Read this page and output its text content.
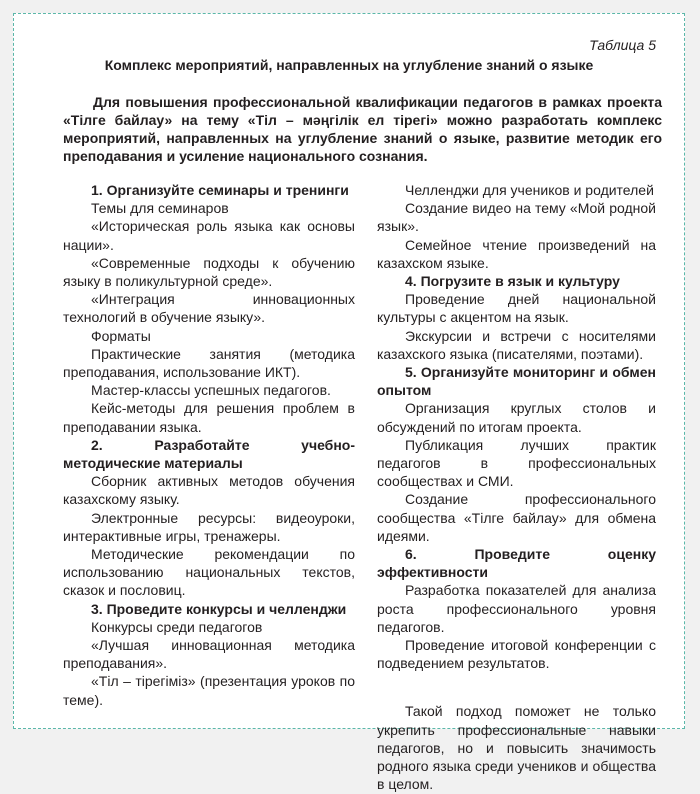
Таблица 5
Комплекс мероприятий, направленных на углубление знаний о языке
Для повышения профессиональной квалификации педагогов в рамках проекта «Тілге байлау» на тему «Тіл – мәңгілік ел тірегі» можно разработать комплекс мероприятий, направленных на углубление знаний о языке, развитие методик его преподавания и усиление национального сознания.

1. Организуйте семинары и тренинги

Темы для семинаров

«Историческая роль языка как основы нации».

«Современные подходы к обучению языку в поликультурной среде».

«Интеграция инновационных технологий в обучение языку».

Форматы

Практические занятия (методика преподавания, использование ИКТ).

Мастер-классы успешных педагогов.

Кейс-методы для решения проблем в преподавании языка.

2. Разработайте учебно-методические материалы

Сборник активных методов обучения казахскому языку.

Электронные ресурсы: видеоуроки, интерактивные игры, тренажеры.

Методические рекомендации по использованию национальных текстов, сказок и пословиц.

3. Проведите конкурсы и челленджи

Конкурсы среди педагогов

«Лучшая инновационная методика преподавания».

«Тіл – тірегіміз» (презентация уроков по теме).

Челленджи для учеников и родителей

Создание видео на тему «Мой родной язык».

Семейное чтение произведений на казахском языке.

4. Погрузите в язык и культуру

Проведение дней национальной культуры с акцентом на язык.

Экскурсии и встречи с носителями казахского языка (писателями, поэтами).

5. Организуйте мониторинг и обмен опытом

Организация круглых столов и обсуждений по итогам проекта.

Публикация лучших практик педагогов в профессиональных сообществах и СМИ.

Создание профессионального сообщества «Тілге байлау» для обмена идеями.

6. Проведите оценку эффективности

Разработка показателей для анализа роста профессионального уровня педагогов.

Проведение итоговой конференции с подведением результатов.

Такой подход поможет не только укрепить профессиональные навыки педагогов, но и повысить значимость родного языка среди учеников и общества в целом.
